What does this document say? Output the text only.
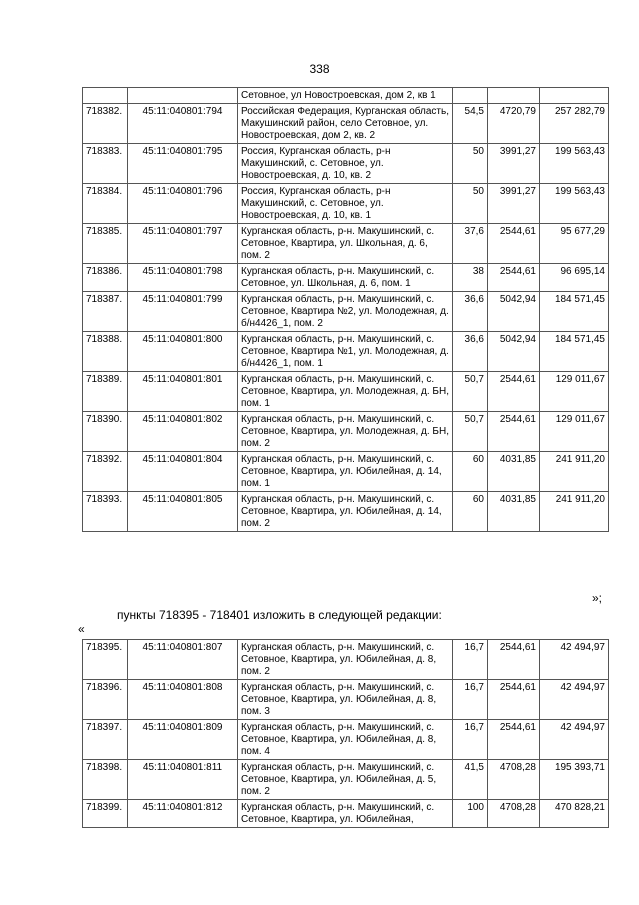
338
		Сетовное, ул Новостроевская, дом 2, кв 1			
718382.	45:11:040801:794	Российская Федерация, Курганская область, Макушинский район, село Сетовное, ул. Новостроевская, дом 2, кв. 2	54,5	4720,79	257 282,79
718383.	45:11:040801:795	Россия, Курганская область, р-н Макушинский, с. Сетовное, ул. Новостроевская, д. 10, кв. 2	50	3991,27	199 563,43
718384.	45:11:040801:796	Россия, Курганская область, р-н Макушинский, с. Сетовное, ул. Новостроевская, д. 10, кв. 1	50	3991,27	199 563,43
718385.	45:11:040801:797	Курганская область, р-н. Макушинский, с. Сетовное, Квартира, ул. Школьная, д. 6, пом. 2	37,6	2544,61	95 677,29
718386.	45:11:040801:798	Курганская область, р-н. Макушинский, с. Сетовное, ул. Школьная, д. 6, пом. 1	38	2544,61	96 695,14
718387.	45:11:040801:799	Курганская область, р-н. Макушинский, с. Сетовное, Квартира №2, ул. Молодежная, д. б/н4426_1, пом. 2	36,6	5042,94	184 571,45
718388.	45:11:040801:800	Курганская область, р-н. Макушинский, с. Сетовное, Квартира №1, ул. Молодежная, д. б/н4426_1, пом. 1	36,6	5042,94	184 571,45
718389.	45:11:040801:801	Курганская область, р-н. Макушинский, с. Сетовное, Квартира, ул. Молодежная, д. БН, пом. 1	50,7	2544,61	129 011,67
718390.	45:11:040801:802	Курганская область, р-н. Макушинский, с. Сетовное, Квартира, ул. Молодежная, д. БН, пом. 2	50,7	2544,61	129 011,67
718392.	45:11:040801:804	Курганская область, р-н. Макушинский, с. Сетовное, Квартира, ул. Юбилейная, д. 14, пом. 1	60	4031,85	241 911,20
718393.	45:11:040801:805	Курганская область, р-н. Макушинский, с. Сетовное, Квартира, ул. Юбилейная, д. 14, пом. 2	60	4031,85	241 911,20
»;
пункты 718395 - 718401 изложить в следующей редакции:
«
718395.	45:11:040801:807	Курганская область, р-н. Макушинский, с. Сетовное, Квартира, ул. Юбилейная, д. 8, пом. 2	16,7	2544,61	42 494,97
718396.	45:11:040801:808	Курганская область, р-н. Макушинский, с. Сетовное, Квартира, ул. Юбилейная, д. 8, пом. 3	16,7	2544,61	42 494,97
718397.	45:11:040801:809	Курганская область, р-н. Макушинский, с. Сетовное, Квартира, ул. Юбилейная, д. 8, пом. 4	16,7	2544,61	42 494,97
718398.	45:11:040801:811	Курганская область, р-н. Макушинский, с. Сетовное, Квартира, ул. Юбилейная, д. 5, пом. 2	41,5	4708,28	195 393,71
718399.	45:11:040801:812	Курганская область, р-н. Макушинский, с. Сетовное, Квартира, ул. Юбилейная,	100	4708,28	470 828,21
